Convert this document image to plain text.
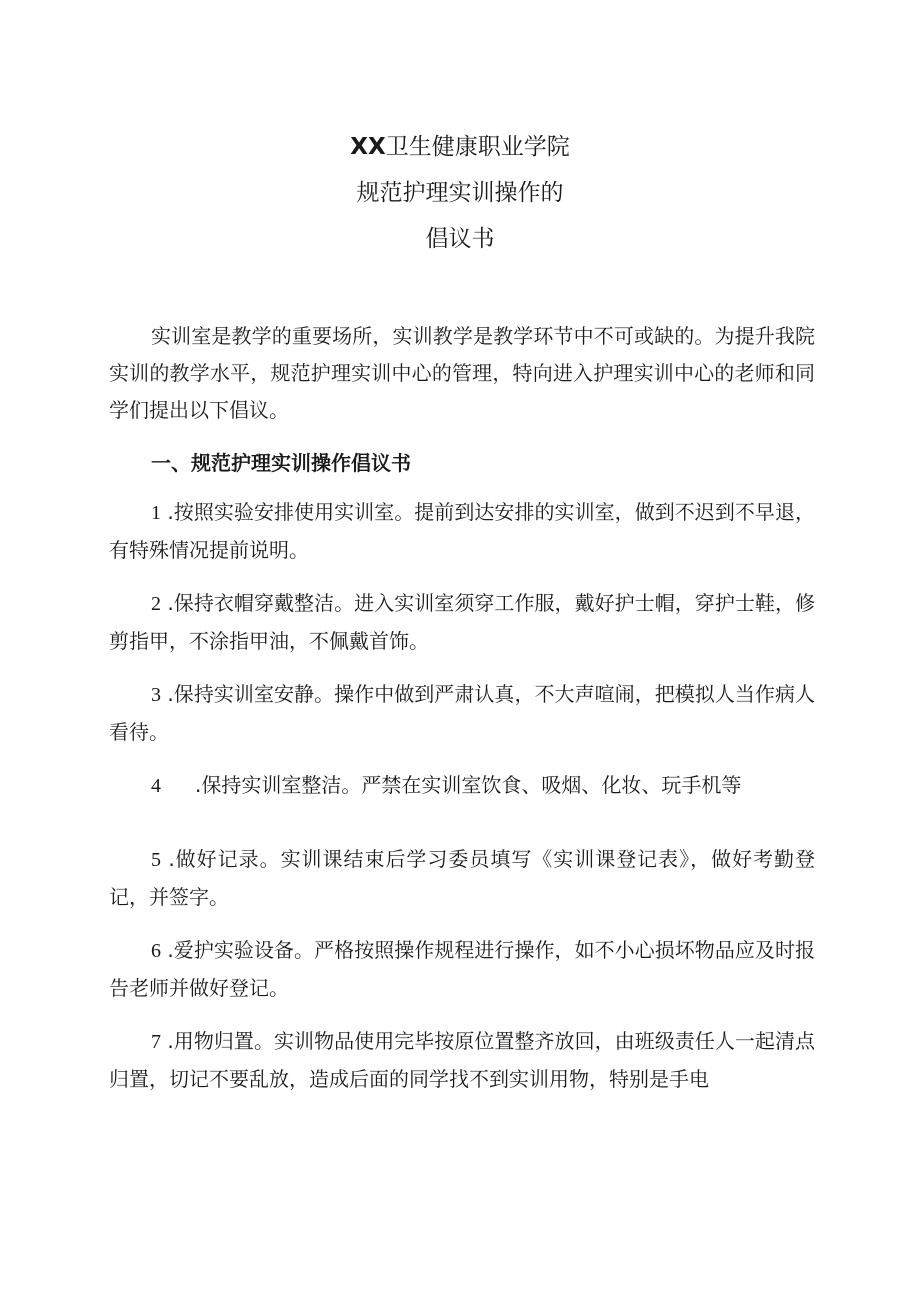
XX卫生健康职业学院
规范护理实训操作的
倡议书

实训室是教学的重要场所，实训教学是教学环节中不可或缺的。为提升我院实训的教学水平，规范护理实训中心的管理，特向进入护理实训中心的老师和同学们提出以下倡议。

一、规范护理实训操作倡议书

1 .按照实验安排使用实训室。提前到达安排的实训室，做到不迟到不早退，有特殊情况提前说明。

2 .保持衣帽穿戴整洁。进入实训室须穿工作服，戴好护士帽，穿护士鞋，修剪指甲，不涂指甲油，不佩戴首饰。

3 .保持实训室安静。操作中做到严肃认真，不大声喧闹，把模拟人当作病人看待。

4 .保持实训室整洁。严禁在实训室饮食、吸烟、化妆、玩手机等

5 .做好记录。实训课结束后学习委员填写《实训课登记表》，做好考勤登记，并签字。

6 .爱护实验设备。严格按照操作规程进行操作，如不小心损坏物品应及时报告老师并做好登记。

7 .用物归置。实训物品使用完毕按原位置整齐放回，由班级责任人一起清点归置，切记不要乱放，造成后面的同学找不到实训用物，特别是手电
